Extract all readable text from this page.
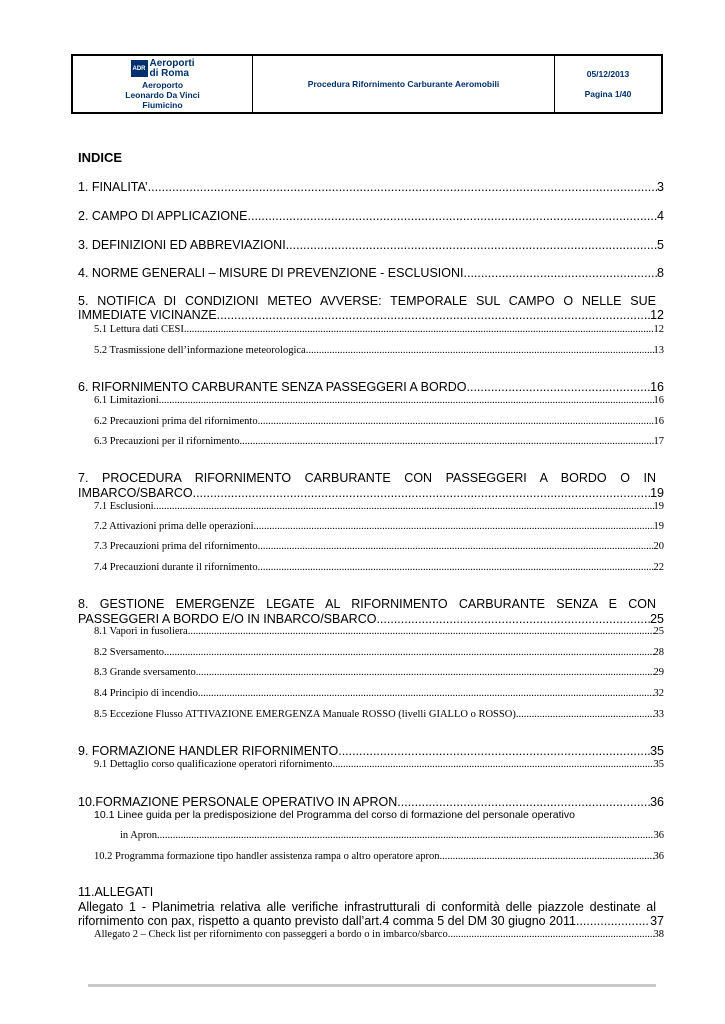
ADR Aeroporti
di Roma
Aeroporto
Leonardo Da Vinci
Fiumicino
Procedura Rifornimento Carburante Aeromobili
05/12/2013
Pagina 1/40
INDICE
1. FINALITA’ .....	3
2. CAMPO DI APPLICAZIONE .....	4
3. DEFINIZIONI ED ABBREVIAZIONI .....	5
4. NORME GENERALI – MISURE DI PREVENZIONE - ESCLUSIONI .....	8
5. NOTIFICA DI CONDIZIONI METEO AVVERSE: TEMPORALE SUL CAMPO O NELLE SUE
IMMEDIATE VICINANZE .....	12
5.1 Lettura dati CESI .....	12
5.2 Trasmissione dell’informazione meteorologica .....	13
6. RIFORNIMENTO CARBURANTE SENZA PASSEGGERI A BORDO .....	16
6.1 Limitazioni .....	16
6.2 Precauzioni prima del rifornimento .....	16
6.3 Precauzioni per il rifornimento .....	17
7. PROCEDURA RIFORNIMENTO CARBURANTE CON PASSEGGERI A BORDO O IN
IMBARCO/SBARCO .....	19
7.1 Esclusioni .....	19
7.2 Attivazioni prima delle operazioni .....	19
7.3 Precauzioni prima del rifornimento .....	20
7.4 Precauzioni durante il rifornimento .....	22
8. GESTIONE EMERGENZE LEGATE AL RIFORNIMENTO CARBURANTE SENZA E CON
PASSEGGERI A BORDO E/O IN INBARCO/SBARCO .....	25
8.1 Vapori in fusoliera .....	25
8.2 Sversamento .....	28
8.3 Grande sversamento .....	29
8.4 Principio di incendio .....	32
8.5 Eccezione Flusso ATTIVAZIONE EMERGENZA Manuale ROSSO (livelli GIALLO o ROSSO) .....	33
9. FORMAZIONE HANDLER RIFORNIMENTO .....	35
9.1 Dettaglio corso qualificazione operatori rifornimento .....	35
10.FORMAZIONE PERSONALE OPERATIVO IN APRON .....	36
10.1 Linee guida per la predisposizione del Programma del corso di formazione del personale operativo
in Apron .....	36
10.2 Programma formazione tipo handler assistenza rampa o altro operatore apron .....	36
11.ALLEGATI
Allegato 1 - Planimetria relativa alle verifiche infrastrutturali di conformità delle piazzole destinate al
rifornimento con pax, rispetto a quanto previsto dall’art.4 comma 5 del DM 30 giugno 2011. .....	37
Allegato 2 – Check list per rifornimento con passeggeri a bordo o in imbarco/sbarco .....	38
